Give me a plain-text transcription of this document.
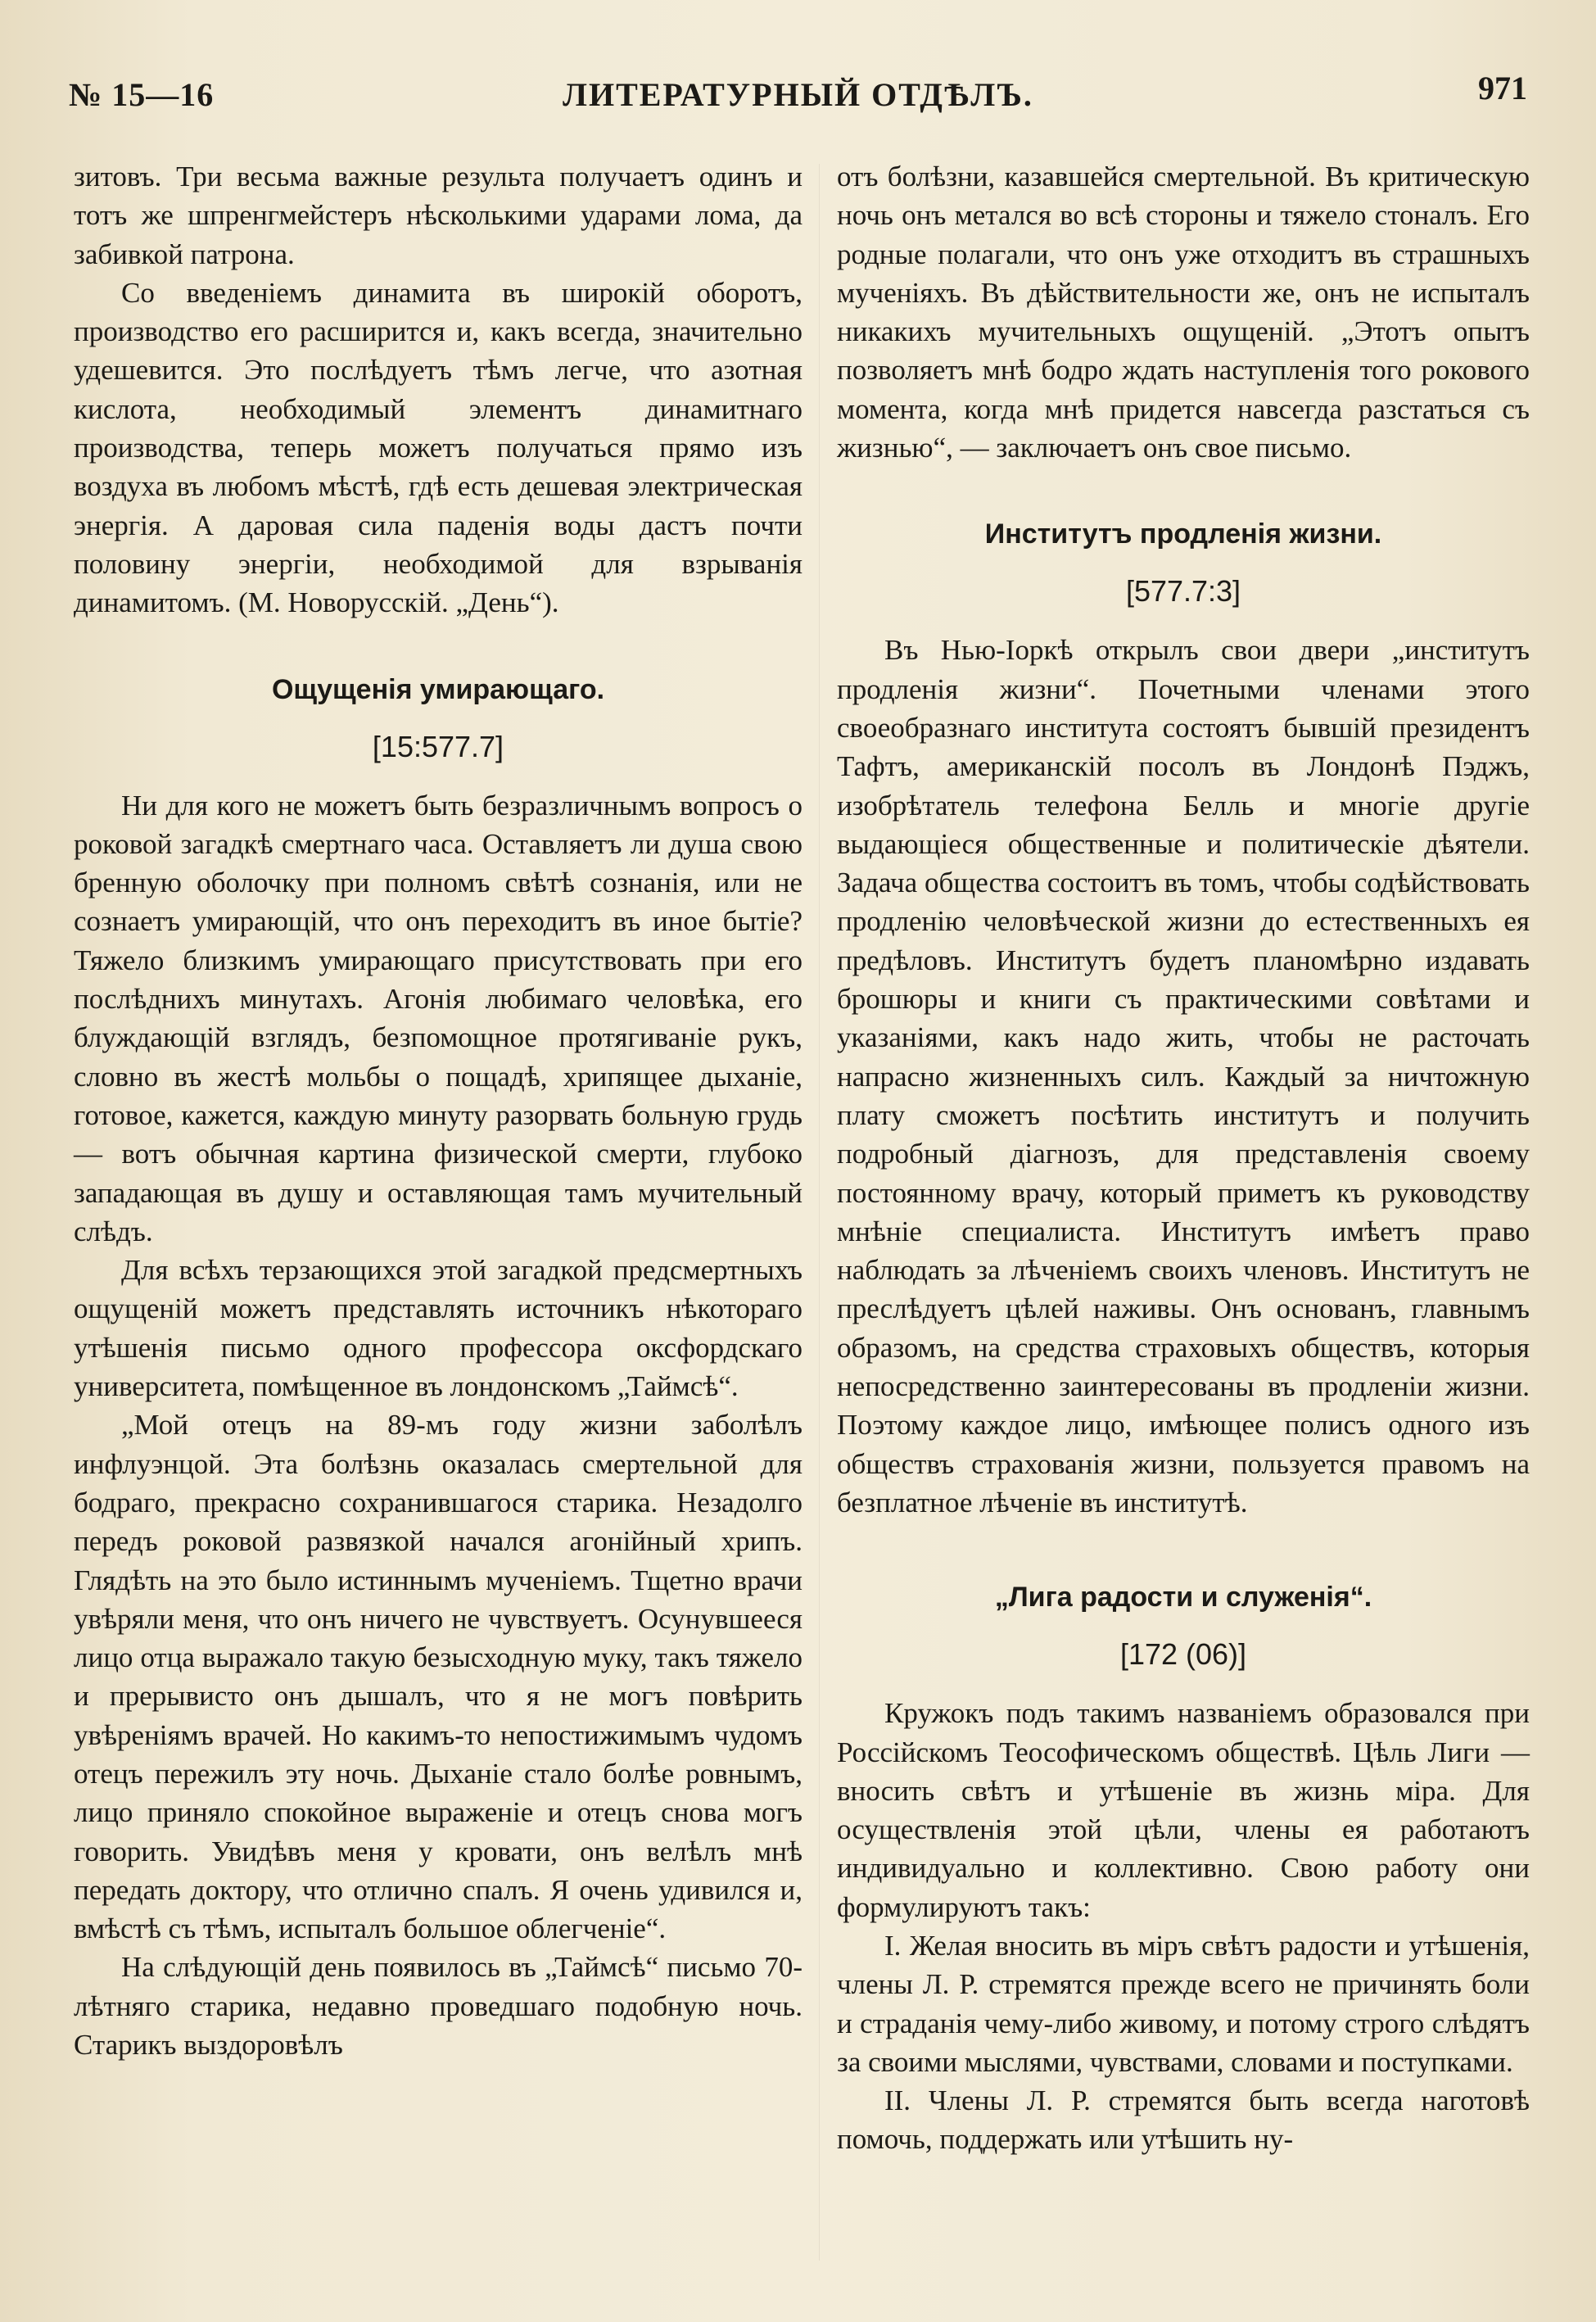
№ 15—16	ЛИТЕРАТУРНЫЙ ОТДѢЛЪ.	971

зитовъ. Три весьма важные результа получаетъ одинъ и тотъ же шпренгмейстеръ нѣсколькими ударами лома, да забивкой патрона.

Со введеніемъ динамита въ широкій оборотъ, производство его расширится и, какъ всегда, значительно удешевится. Это послѣдуетъ тѣмъ легче, что азотная кислота, необходимый элементъ динамитнаго производства, теперь можетъ получаться прямо изъ воздуха въ любомъ мѣстѣ, гдѣ есть дешевая электрическая энергія. А даровая сила паденія воды дастъ почти половину энергіи, необходимой для взрыванія динамитомъ. (М. Новорусскій. „День“).

Ощущенія умирающаго.

[15:577.7]

Ни для кого не можетъ быть безразличнымъ вопросъ о роковой загадкѣ смертнаго часа. Оставляетъ ли душа свою бренную оболочку при полномъ свѣтѣ сознанія, или не сознаетъ умирающій, что онъ переходитъ въ иное бытіе? Тяжело близкимъ умирающаго присутствовать при его послѣднихъ минутахъ. Агонія любимаго человѣка, его блуждающій взглядъ, безпомощное протягиваніе рукъ, словно въ жестѣ мольбы о пощадѣ, хрипящее дыханіе, готовое, кажется, каждую минуту разорвать больную грудь — вотъ обычная картина физической смерти, глубоко западающая въ душу и оставляющая тамъ мучительный слѣдъ.

Для всѣхъ терзающихся этой загадкой предсмертныхъ ощущеній можетъ представлять источникъ нѣкотораго утѣшенія письмо одного профессора оксфордскаго университета, помѣщенное въ лондонскомъ „Таймсѣ“.

„Мой отецъ на 89-мъ году жизни заболѣлъ инфлуэнцой. Эта болѣзнь оказалась смертельной для бодраго, прекрасно сохранившагося старика. Незадолго передъ роковой развязкой начался агонійный хрипъ. Глядѣть на это было истиннымъ мученіемъ. Тщетно врачи увѣряли меня, что онъ ничего не чувствуетъ. Осунувшееся лицо отца выражало такую безысходную муку, такъ тяжело и прерывисто онъ дышалъ, что я не могъ повѣрить увѣреніямъ врачей. Но какимъ-то непостижимымъ чудомъ отецъ пережилъ эту ночь. Дыханіе стало болѣе ровнымъ, лицо приняло спокойное выраженіе и отецъ снова могъ говорить. Увидѣвъ меня у кровати, онъ велѣлъ мнѣ передать доктору, что отлично спалъ. Я очень удивился и, вмѣстѣ съ тѣмъ, испыталъ большое облегченіе“.

На слѣдующій день появилось въ „Таймсѣ“ письмо 70-лѣтняго старика, недавно проведшаго подобную ночь. Старикъ выздоровѣлъ

отъ болѣзни, казавшейся смертельной. Въ критическую ночь онъ метался во всѣ стороны и тяжело стоналъ. Его родные полагали, что онъ уже отходитъ въ страшныхъ мученіяхъ. Въ дѣйствительности же, онъ не испыталъ никакихъ мучительныхъ ощущеній. „Этотъ опытъ позволяетъ мнѣ бодро ждать наступленія того рокового момента, когда мнѣ придется навсегда разстаться съ жизнью“, — заключаетъ онъ свое письмо.

Институтъ продленія жизни.

[577.7:3]

Въ Нью-Іоркѣ открылъ свои двери „институтъ продленія жизни“. Почетными членами этого своеобразнаго института состоятъ бывшій президентъ Тафтъ, американскій посолъ въ Лондонѣ Пэджъ, изобрѣтатель телефона Белль и многіе другіе выдающіеся общественные и политическіе дѣятели. Задача общества состоитъ въ томъ, чтобы содѣйствовать продленію человѣческой жизни до естественныхъ ея предѣловъ. Институтъ будетъ планомѣрно издавать брошюры и книги съ практическими совѣтами и указаніями, какъ надо жить, чтобы не расточать напрасно жизненныхъ силъ. Каждый за ничтожную плату сможетъ посѣтить институтъ и получить подробный діагнозъ, для представленія своему постоянному врачу, который приметъ къ руководству мнѣніе специалиста. Институтъ имѣетъ право наблюдать за лѣченіемъ своихъ членовъ. Институтъ не преслѣдуетъ цѣлей наживы. Онъ основанъ, главнымъ образомъ, на средства страховыхъ обществъ, которыя непосредственно заинтересованы въ продленіи жизни. Поэтому каждое лицо, имѣющее полисъ одного изъ обществъ страхованія жизни, пользуется правомъ на безплатное лѣченіе въ институтѣ.

„Лига радости и служенія“.

[172 (06)]

Кружокъ подъ такимъ названіемъ образовался при Россійскомъ Теософическомъ обществѣ. Цѣль Лиги — вносить свѣтъ и утѣшеніе въ жизнь міра. Для осуществленія этой цѣли, члены ея работаютъ индивидуально и коллективно. Свою работу они формулируютъ такъ:

I. Желая вносить въ міръ свѣтъ радости и утѣшенія, члены Л. Р. стремятся прежде всего не причинять боли и страданія чему-либо живому, и потому строго слѣдятъ за своими мыслями, чувствами, словами и поступками.

II. Члены Л. Р. стремятся быть всегда наготовѣ помочь, поддержать или утѣшить ну-
